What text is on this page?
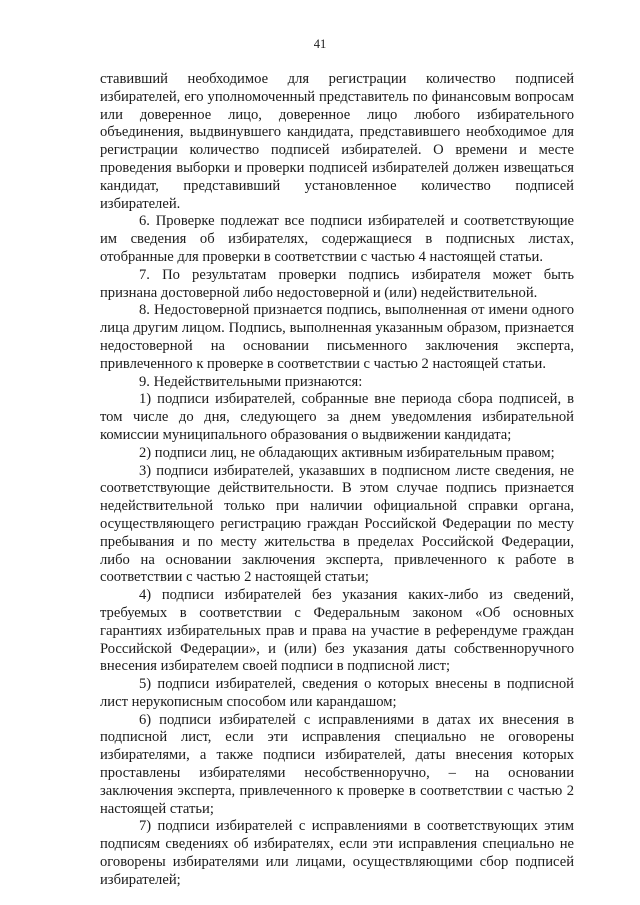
41

ставивший необходимое для регистрации количество подписей избирателей, его уполномоченный представитель по финансовым вопросам или доверенное лицо, доверенное лицо любого избирательного объединения, выдвинувшего кандидата, представившего необходимое для регистрации количество подписей избирателей. О времени и месте проведения выборки и проверки подписей избирателей должен извещаться кандидат, представивший установленное количество подписей избирателей.

6. Проверке подлежат все подписи избирателей и соответствующие им сведения об избирателях, содержащиеся в подписных листах, отобранные для проверки в соответствии с частью 4 настоящей статьи.

7. По результатам проверки подпись избирателя может быть признана достоверной либо недостоверной и (или) недействительной.

8. Недостоверной признается подпись, выполненная от имени одного лица другим лицом. Подпись, выполненная указанным образом, признается недостоверной на основании письменного заключения эксперта, привлеченного к проверке в соответствии с частью 2 настоящей статьи.

9. Недействительными признаются:

1) подписи избирателей, собранные вне периода сбора подписей, в том числе до дня, следующего за днем уведомления избирательной комиссии муниципального образования о выдвижении кандидата;

2) подписи лиц, не обладающих активным избирательным правом;

3) подписи избирателей, указавших в подписном листе сведения, не соответствующие действительности. В этом случае подпись признается недействительной только при наличии официальной справки органа, осуществляющего регистрацию граждан Российской Федерации по месту пребывания и по месту жительства в пределах Российской Федерации, либо на основании заключения эксперта, привлеченного к работе в соответствии с частью 2 настоящей статьи;

4) подписи избирателей без указания каких-либо из сведений, требуемых в соответствии с Федеральным законом «Об основных гарантиях избирательных прав и права на участие в референдуме граждан Российской Федерации», и (или) без указания даты собственноручного внесения избирателем своей подписи в подписной лист;

5) подписи избирателей, сведения о которых внесены в подписной лист нерукописным способом или карандашом;

6) подписи избирателей с исправлениями в датах их внесения в подписной лист, если эти исправления специально не оговорены избирателями, а также подписи избирателей, даты внесения которых проставлены избирателями несобственноручно, – на основании заключения эксперта, привлеченного к проверке в соответствии с частью 2 настоящей статьи;

7) подписи избирателей с исправлениями в соответствующих этим подписям сведениях об избирателях, если эти исправления специально не оговорены избирателями или лицами, осуществляющими сбор подписей избирателей;
